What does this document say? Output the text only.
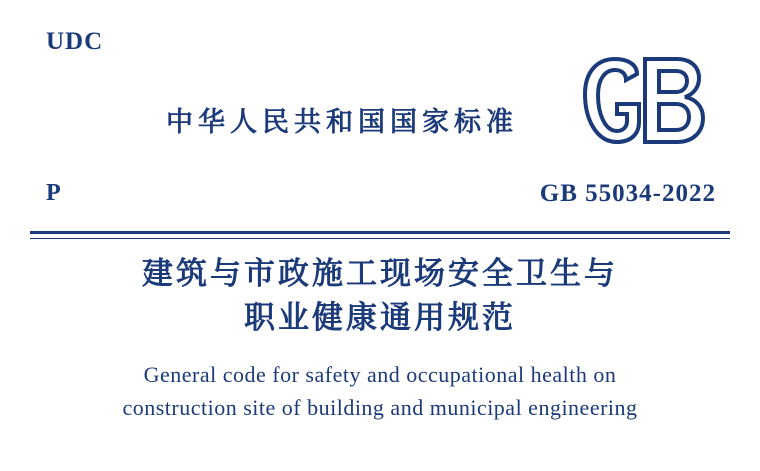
UDC
中华人民共和国国家标准
P	GB 55034-2022
建筑与市政施工现场安全卫生与
职业健康通用规范
General code for safety and occupational health on
construction site of building and municipal engineering
